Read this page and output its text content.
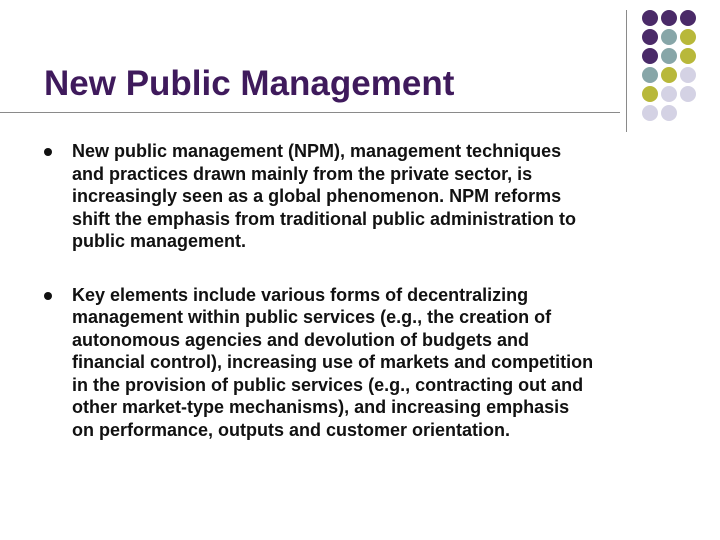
New Public Management
New public management (NPM), management techniques
and practices drawn mainly from the private sector, is
increasingly seen as a global phenomenon. NPM reforms
shift the emphasis from traditional public administration to
public management.
Key elements include various forms of decentralizing
management within public services (e.g., the creation of
autonomous agencies and devolution of budgets and
financial control), increasing use of markets and competition
in the provision of public services (e.g., contracting out and
other market-type mechanisms), and increasing emphasis
on performance, outputs and customer orientation.
